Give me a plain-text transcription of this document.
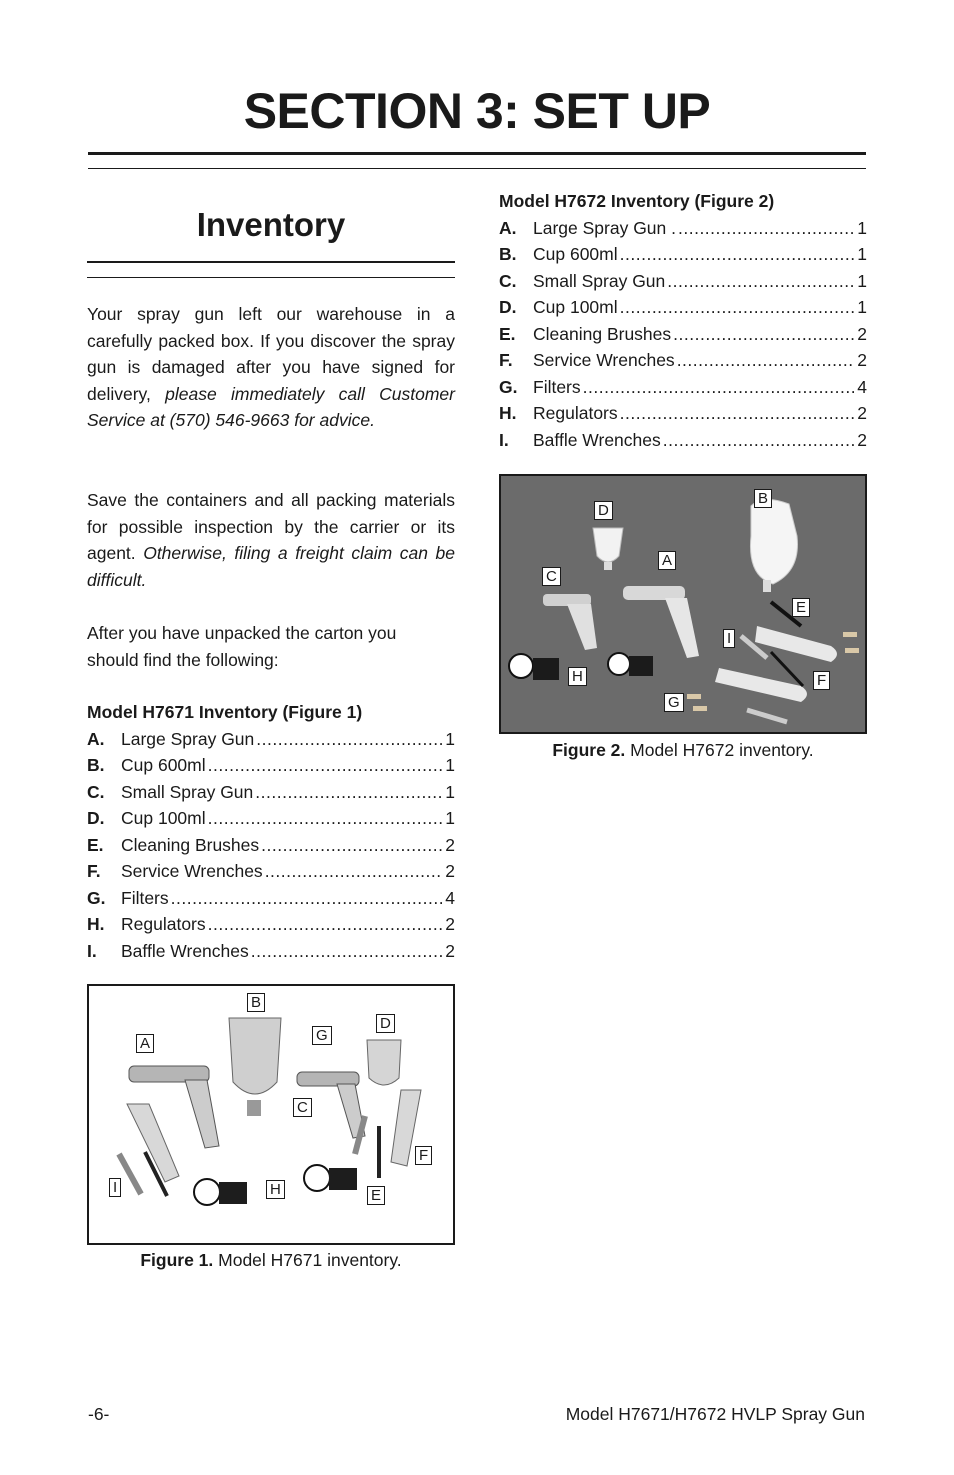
SECTION 3: SET UP
Inventory

Your spray gun left our warehouse in a carefully packed box. If you discover the spray gun is damaged after you have signed for delivery, please immediately call Customer Service at (570) 546-9663 for advice.

Save the containers and all packing materials for possible inspection by the carrier or its agent. Otherwise, filing a freight claim can be difficult.

After you have unpacked the carton you should find the following:

Model H7671 Inventory (Figure 1)

A. Large Spray Gun .....	1
B. Cup 600ml .....	1
C. Small Spray Gun .....	1
D. Cup 100ml .....	1
E. Cleaning Brushes .....	2
F.	Service Wrenches .....	2
G. Filters .....	4
H. Regulators .....	2
I.	Baffle Wrenches .....	2

Model H7672 Inventory (Figure 2)

A. Large Spray Gun . .....	1
B. Cup 600ml .....	1
C. Small Spray Gun .....	1
D. Cup 100ml .....	1
E. Cleaning Brushes .....	2
F.	Service Wrenches .....	2
G. Filters .....	4
H. Regulators .....	2
I.	Baffle Wrenches .....	2
D
B
A
C
E
I
H	F
G
Figure 2. Model H7672 inventory.
B
D
G
A
C
F
I	H	E
Figure 1. Model H7671 inventory.
-6-	Model H7671/H7672 HVLP Spray Gun
